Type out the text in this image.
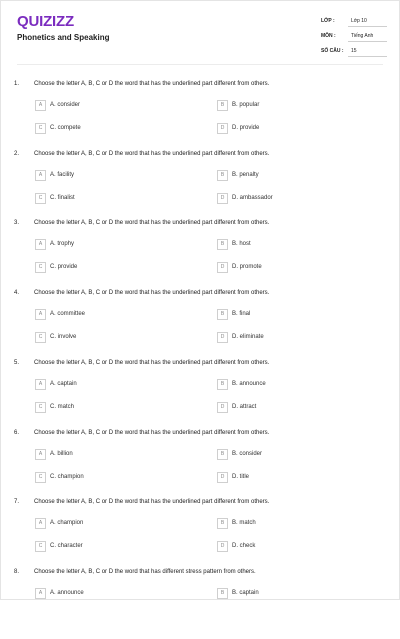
QUIZIZZ
Phonetics and Speaking
LỚP :	Lớp 10
MÔN :	Tiếng Anh
SỐ CÂU :	15
1. Choose the letter A, B, C or D the word that has the underlined part different from others.
A	A. consider	B	B. popular
C	C. compete	D	D. provide
2. Choose the letter A, B, C or D the word that has the underlined part different from others.
A	A. facility	B	B. penalty
C	C. finalist	D	D. ambassador
3. Choose the letter A, B, C or D the word that has the underlined part different from others.
A	A. trophy	B	B. host
C	C. provide	D	D. promote
4. Choose the letter A, B, C or D the word that has the underlined part different from others.
A	A. committee	B	B. final
C	C. involve	D	D. eliminate
5. Choose the letter A, B, C or D the word that has the underlined part different from others.
A	A. captain	B	B. announce
C	C. match	D	D. attract
6. Choose the letter A, B, C or D the word that has the underlined part different from others.
A	A. billion	B	B. consider
C	C. champion	D	D. title
7. Choose the letter A, B, C or D the word that has the underlined part different from others.
A	A. champion	B	B. match
C	C. character	D	D. check
8. Choose the letter A, B, C or D the word that has different stress pattern from others.
A	A. announce	B	B. captain
